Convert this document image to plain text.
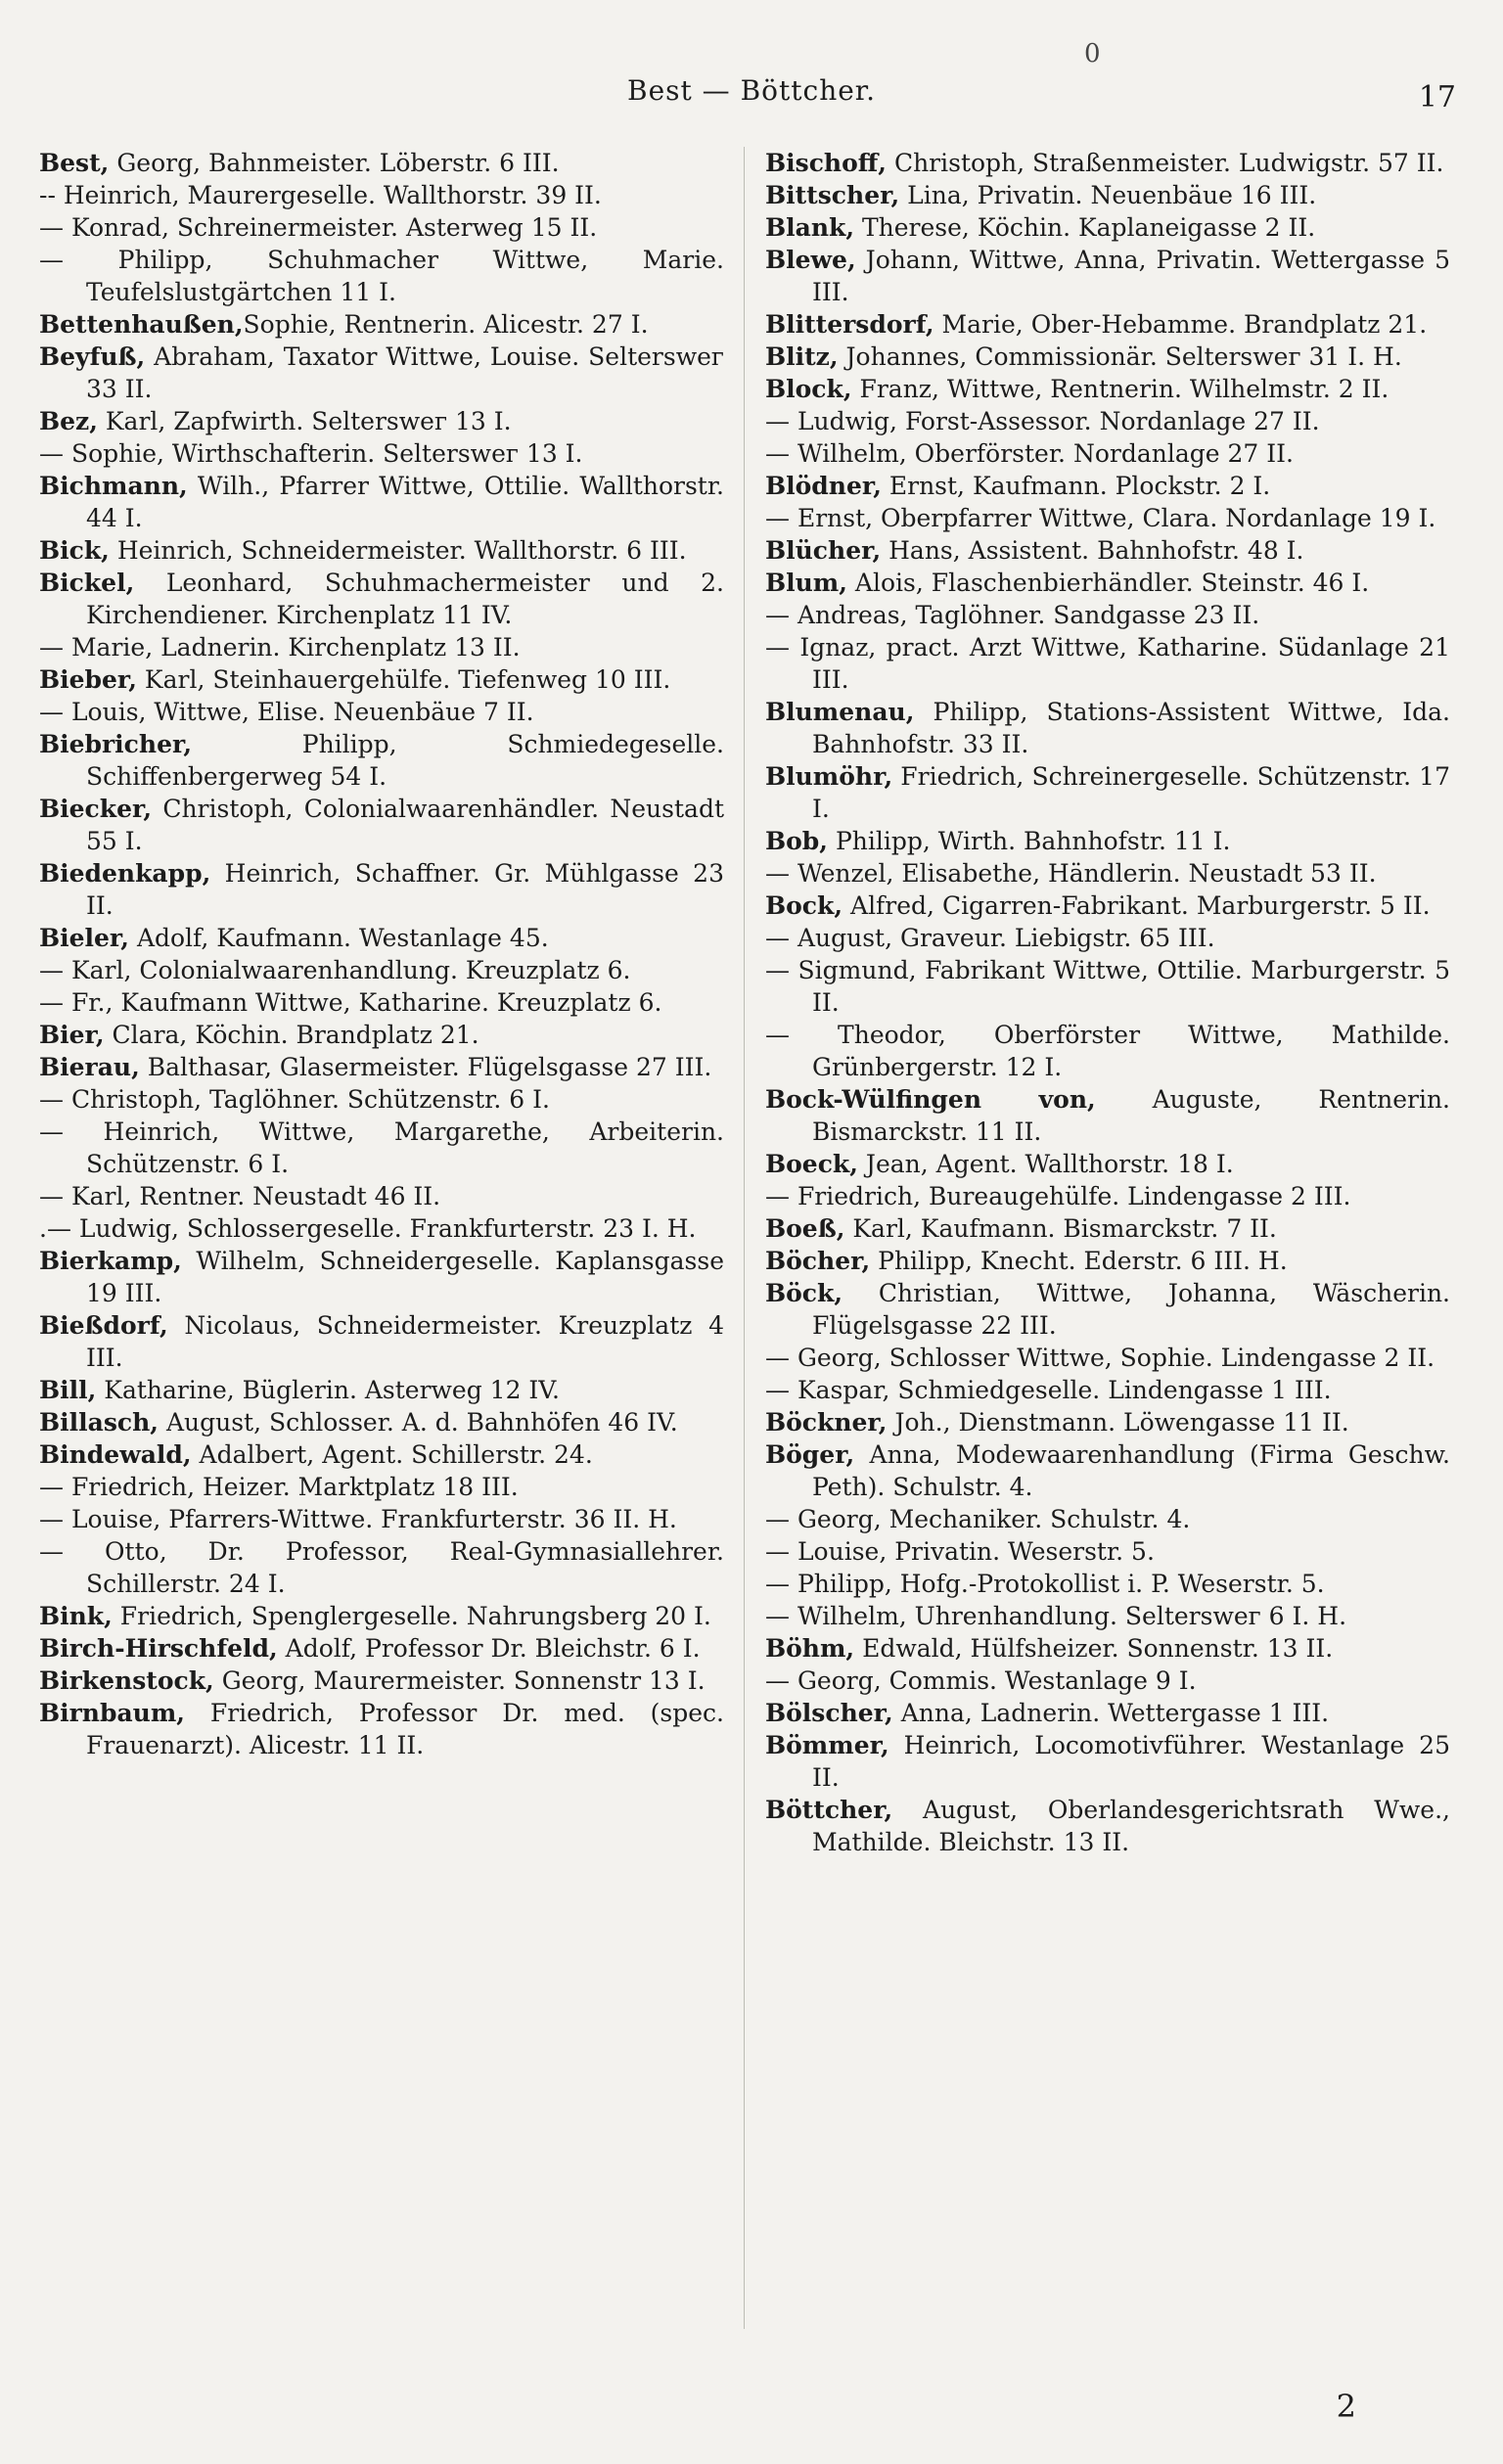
0
Best — Böttcher.	17
Best, Georg, Bahnmeister. Löberstr. 6 III.
-- Heinrich, Maurergeselle. Wallthorstr. 39 II.
— Konrad, Schreinermeister. Asterweg 15 II.
— Philipp, Schuhmacher Wittwe, Marie. Teufelslustgärtchen 11 I.
Bettenhaußen,Sophie, Rentnerin. Alicestr. 27 I.
Beyfuß, Abraham, Taxator Wittwe, Louise. Selterswег 33 II.
Bez, Karl, Zapfwirth. Selterswег 13 I.
— Sophie, Wirthschafterin. Selterswег 13 I.
Bichmann, Wilh., Pfarrer Wittwe, Ottilie. Wallthorstr. 44 I.
Bick, Heinrich, Schneidermeister. Wallthorstr. 6 III.
Bickel, Leonhard, Schuhmachermeister und 2. Kirchendiener. Kirchenplatz 11 IV.
— Marie, Ladnerin. Kirchenplatz 13 II.
Bieber, Karl, Steinhauergehülfe. Tiefenweg 10 III.
— Louis, Wittwe, Elise. Neuenbäue 7 II.
Biebricher, Philipp, Schmiedegeselle. Schiffenbergerweg 54 I.
Biecker, Christoph, Colonialwaarenhändler. Neustadt 55 I.
Biedenkapp, Heinrich, Schaffner. Gr. Mühlgasse 23 II.
Bieler, Adolf, Kaufmann. Westanlage 45.
— Karl, Colonialwaarenhandlung. Kreuzplatz 6.
— Fr., Kaufmann Wittwe, Katharine. Kreuzplatz 6.
Bier, Clara, Köchin. Brandplatz 21.
Bierau, Balthasar, Glasermeister. Flügelsgasse 27 III.
— Christoph, Taglöhner. Schützenstr. 6 I.
— Heinrich, Wittwe, Margarethe, Arbeiterin. Schützenstr. 6 I.
— Karl, Rentner. Neustadt 46 II.
.— Ludwig, Schlossergeselle. Frankfurterstr. 23 I. H.
Bierkamp, Wilhelm, Schneidergeselle. Kaplansgasse 19 III.
Bießdorf, Nicolaus, Schneidermeister. Kreuzplatz 4 III.
Bill, Katharine, Büglerin. Asterweg 12 IV.
Billasch, August, Schlosser. A. d. Bahnhöfen 46 IV.
Bindewald, Adalbert, Agent. Schillerstr. 24.
— Friedrich, Heizer. Marktplatz 18 III.
— Louise, Pfarrers-Wittwe. Frankfurterstr. 36 II. H.
— Otto, Dr. Professor, Real-Gymnasiallehrer. Schillerstr. 24 I.
Bink, Friedrich, Spenglergeselle. Nahrungsberg 20 I.
Birch-Hirschfeld, Adolf, Professor Dr. Bleichstr. 6 I.
Birkenstock, Georg, Maurermeister. Sonnenstr 13 I.
Birnbaum, Friedrich, Professor Dr. med. (spec. Frauenarzt). Alicestr. 11 II.
Bischoff, Christoph, Straßenmeister. Ludwigstr. 57 II.
Bittscher, Lina, Privatin. Neuenbäue 16 III.
Blank, Therese, Köchin. Kaplaneigasse 2 II.
Blewe, Johann, Wittwe, Anna, Privatin. Wettergasse 5 III.
Blittersdorf, Marie, Ober-Hebamme. Brandplatz 21.
Blitz, Johannes, Commissionär. Selterswег 31 I. H.
Block, Franz, Wittwe, Rentnerin. Wilhelmstr. 2 II.
— Ludwig, Forst-Assessor. Nordanlage 27 II.
— Wilhelm, Oberförster. Nordanlage 27 II.
Blödner, Ernst, Kaufmann. Plockstr. 2 I.
— Ernst, Oberpfarrer Wittwe, Clara. Nordanlage 19 I.
Blücher, Hans, Assistent. Bahnhofstr. 48 I.
Blum, Alois, Flaschenbierhändler. Steinstr. 46 I.
— Andreas, Taglöhner. Sandgasse 23 II.
— Ignaz, pract. Arzt Wittwe, Katharine. Südanlage 21 III.
Blumenau, Philipp, Stations-Assistent Wittwe, Ida. Bahnhofstr. 33 II.
Blumöhr, Friedrich, Schreinergeselle. Schützenstr. 17 I.
Bob, Philipp, Wirth. Bahnhofstr. 11 I.
— Wenzel, Elisabethe, Händlerin. Neustadt 53 II.
Bock, Alfred, Cigarren-Fabrikant. Marburgerstr. 5 II.
— August, Graveur. Liebigstr. 65 III.
— Sigmund, Fabrikant Wittwe, Ottilie. Marburgerstr. 5 II.
— Theodor, Oberförster Wittwe, Mathilde. Grünbergerstr. 12 I.
Bock-Wülfingen von, Auguste, Rentnerin. Bismarckstr. 11 II.
Boeck, Jean, Agent. Wallthorstr. 18 I.
— Friedrich, Bureaugehülfe. Lindengasse 2 III.
Boeß, Karl, Kaufmann. Bismarckstr. 7 II.
Böcher, Philipp, Knecht. Ederstr. 6 III. H.
Böck, Christian, Wittwe, Johanna, Wäscherin. Flügelsgasse 22 III.
— Georg, Schlosser Wittwe, Sophie. Lindengasse 2 II.
— Kaspar, Schmiedgeselle. Lindengasse 1 III.
Böckner, Joh., Dienstmann. Löwengasse 11 II.
Böger, Anna, Modewaarenhandlung (Firma Geschw. Peth). Schulstr. 4.
— Georg, Mechaniker. Schulstr. 4.
— Louise, Privatin. Weserstr. 5.
— Philipp, Hofg.-Protokollist i. P. Weserstr. 5.
— Wilhelm, Uhrenhandlung. Selterswег 6 I. H.
Böhm, Edwald, Hülfsheizer. Sonnenstr. 13 II.
— Georg, Commis. Westanlage 9 I.
Bölscher, Anna, Ladnerin. Wettergasse 1 III.
Bömmer, Heinrich, Locomotivführer. Westanlage 25 II.
Böttcher, August, Oberlandesgerichtsrath Wwe., Mathilde. Bleichstr. 13 II.
2
